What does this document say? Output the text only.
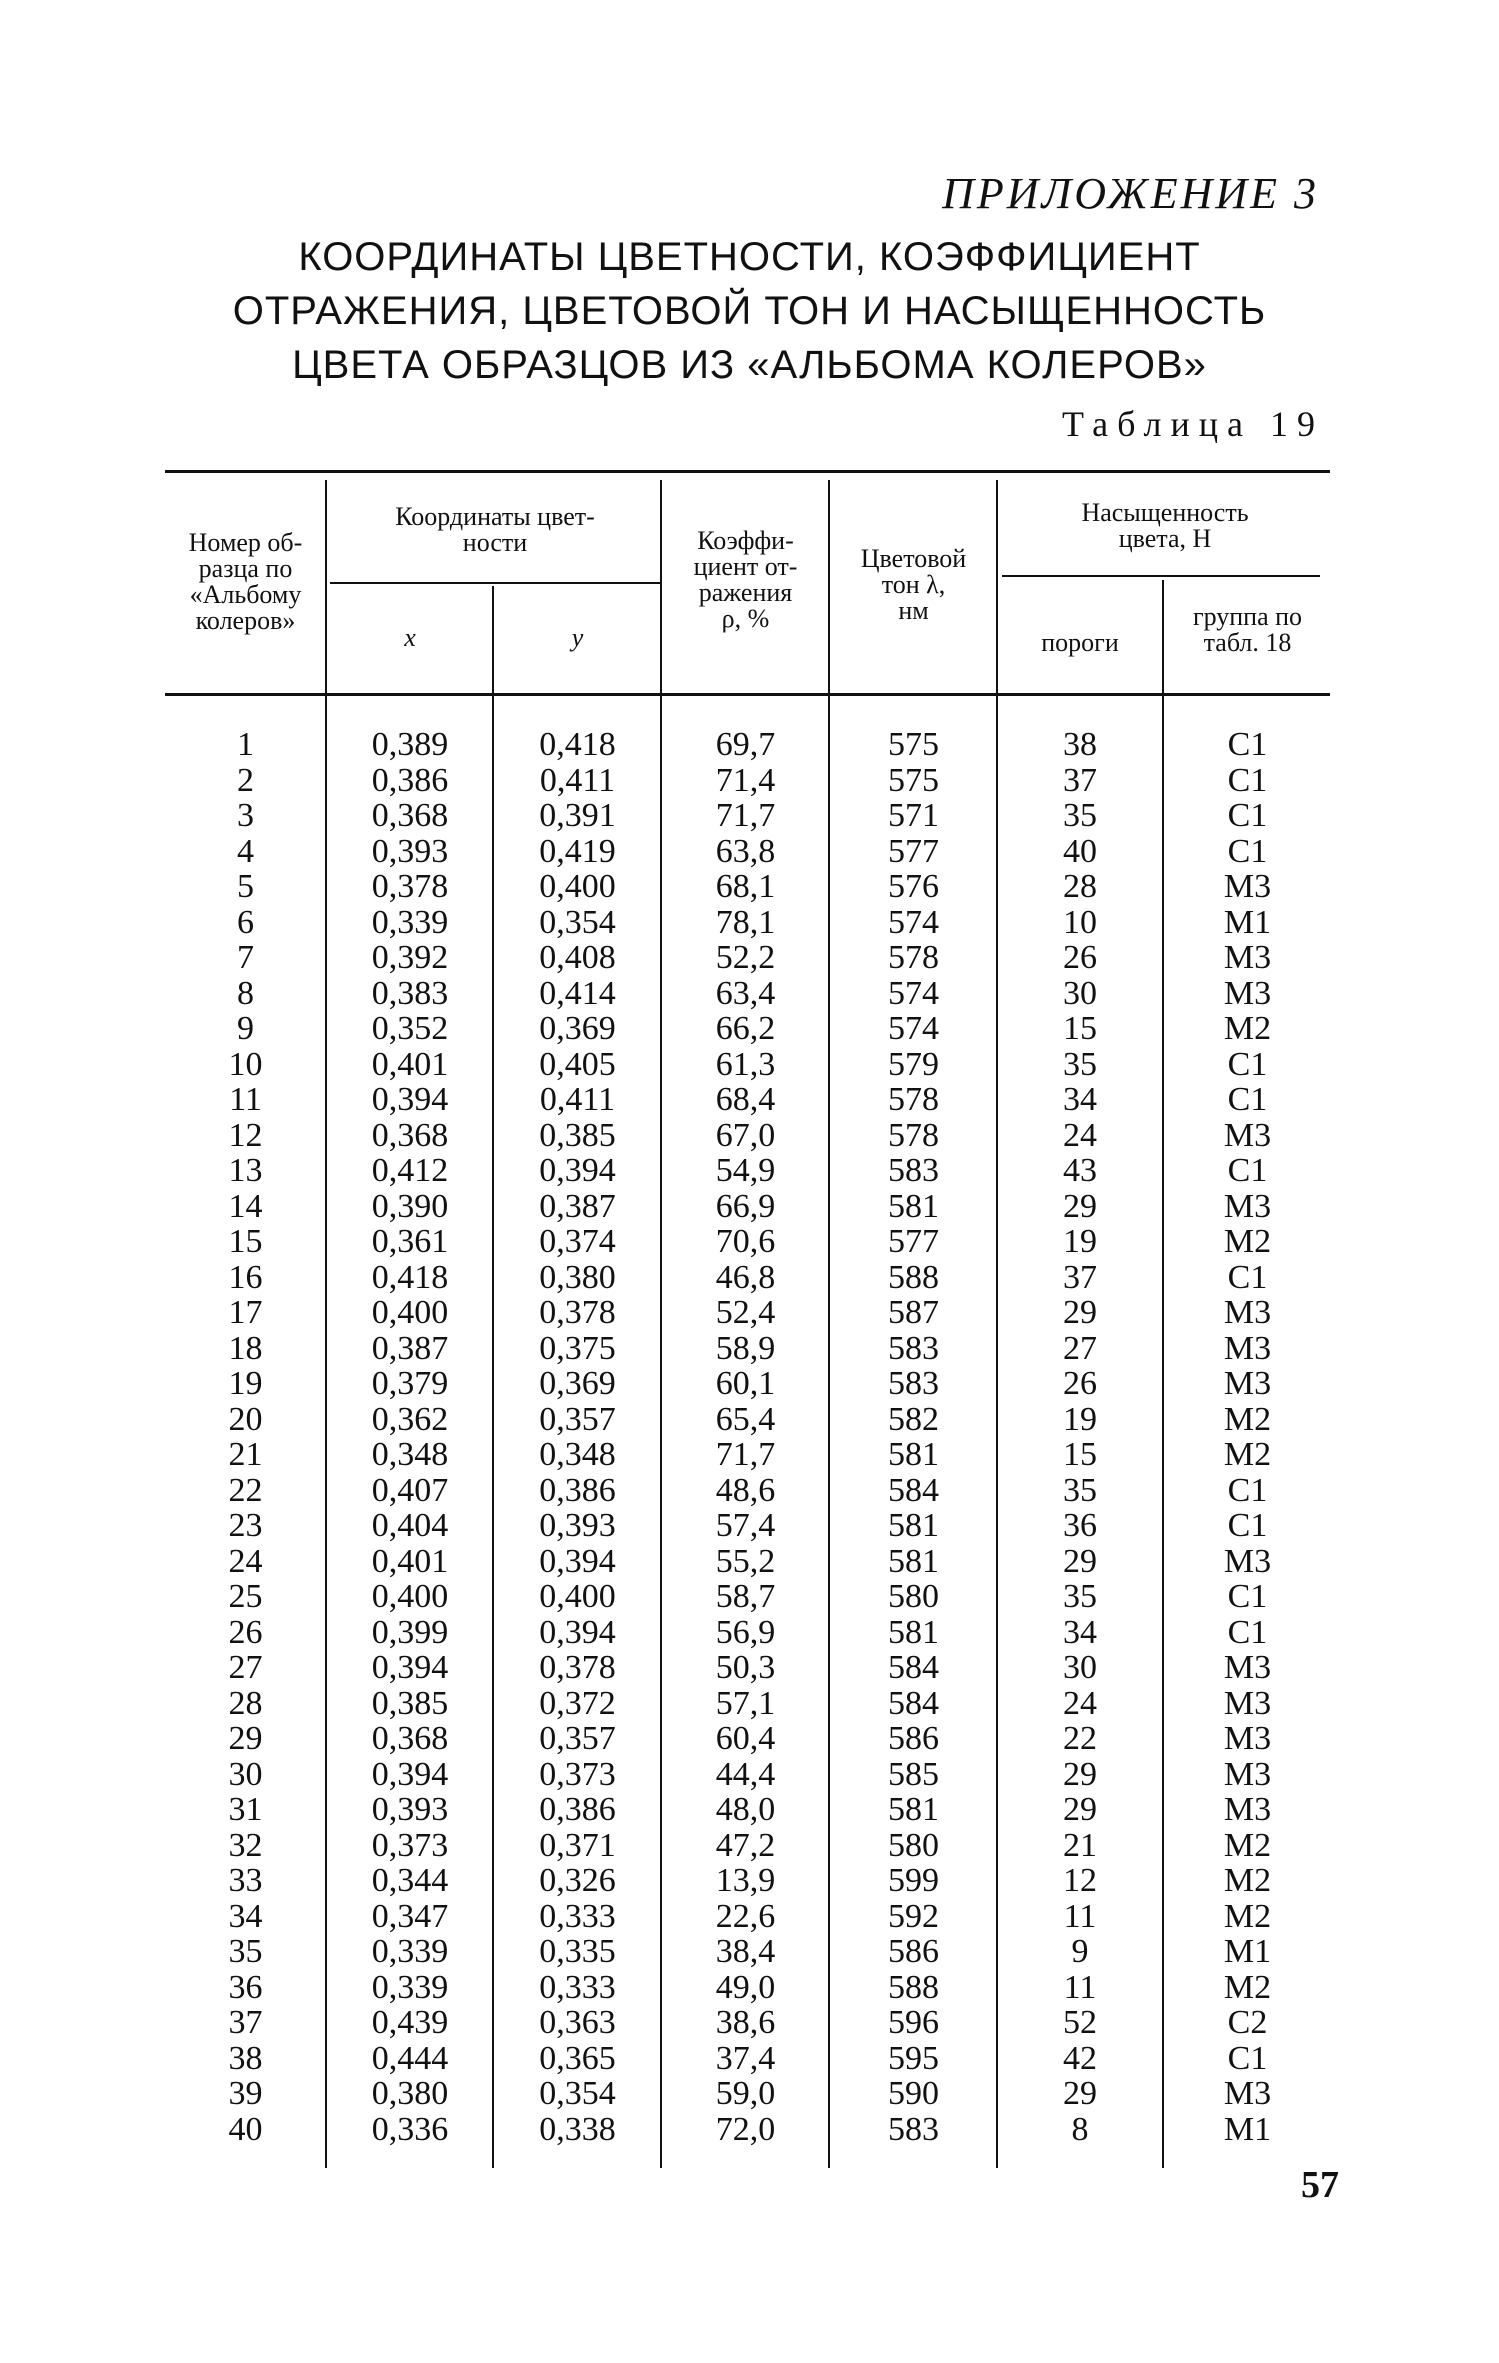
ПРИЛОЖЕНИЕ 3
КООРДИНАТЫ ЦВЕТНОСТИ, КОЭФФИЦИЕНТ
ОТРАЖЕНИЯ, ЦВЕТОВОЙ ТОН И НАСЫЩЕННОСТЬ
ЦВЕТА ОБРАЗЦОВ ИЗ «АЛЬБОМА КОЛЕРОВ»
Таблица 19
Номер об-
разца по
«Альбому
колеров»
Координаты цвет-
ности
x	y
Коэффи-
циент от-
ражения
ρ, %
Цветовой
тон λ,
нм
Насыщенность
цвета, H
пороги
группа по
табл. 18
1
2
3
4
5
6
7
8
9
10
11
12
13
14
15
16
17
18
19
20
21
22
23
24
25
26
27
28
29
30
31
32
33
34
35
36
37
38
39
40
0,389
0,386
0,368
0,393
0,378
0,339
0,392
0,383
0,352
0,401
0,394
0,368
0,412
0,390
0,361
0,418
0,400
0,387
0,379
0,362
0,348
0,407
0,404
0,401
0,400
0,399
0,394
0,385
0,368
0,394
0,393
0,373
0,344
0,347
0,339
0,339
0,439
0,444
0,380
0,336
0,418
0,411
0,391
0,419
0,400
0,354
0,408
0,414
0,369
0,405
0,411
0,385
0,394
0,387
0,374
0,380
0,378
0,375
0,369
0,357
0,348
0,386
0,393
0,394
0,400
0,394
0,378
0,372
0,357
0,373
0,386
0,371
0,326
0,333
0,335
0,333
0,363
0,365
0,354
0,338
69,7
71,4
71,7
63,8
68,1
78,1
52,2
63,4
66,2
61,3
68,4
67,0
54,9
66,9
70,6
46,8
52,4
58,9
60,1
65,4
71,7
48,6
57,4
55,2
58,7
56,9
50,3
57,1
60,4
44,4
48,0
47,2
13,9
22,6
38,4
49,0
38,6
37,4
59,0
72,0
575
575
571
577
576
574
578
574
574
579
578
578
583
581
577
588
587
583
583
582
581
584
581
581
580
581
584
584
586
585
581
580
599
592
586
588
596
595
590
583
38
37
35
40
28
10
26
30
15
35
34
24
43
29
19
37
29
27
26
19
15
35
36
29
35
34
30
24
22
29
29
21
12
11
9
11
52
42
29
8
C1
C1
C1
C1
M3
M1
M3
M3
M2
C1
C1
M3
C1
M3
M2
C1
M3
M3
M3
M2
M2
C1
C1
M3
C1
C1
M3
M3
M3
M3
M3
M2
M2
M2
M1
M2
C2
C1
M3
M1
57
